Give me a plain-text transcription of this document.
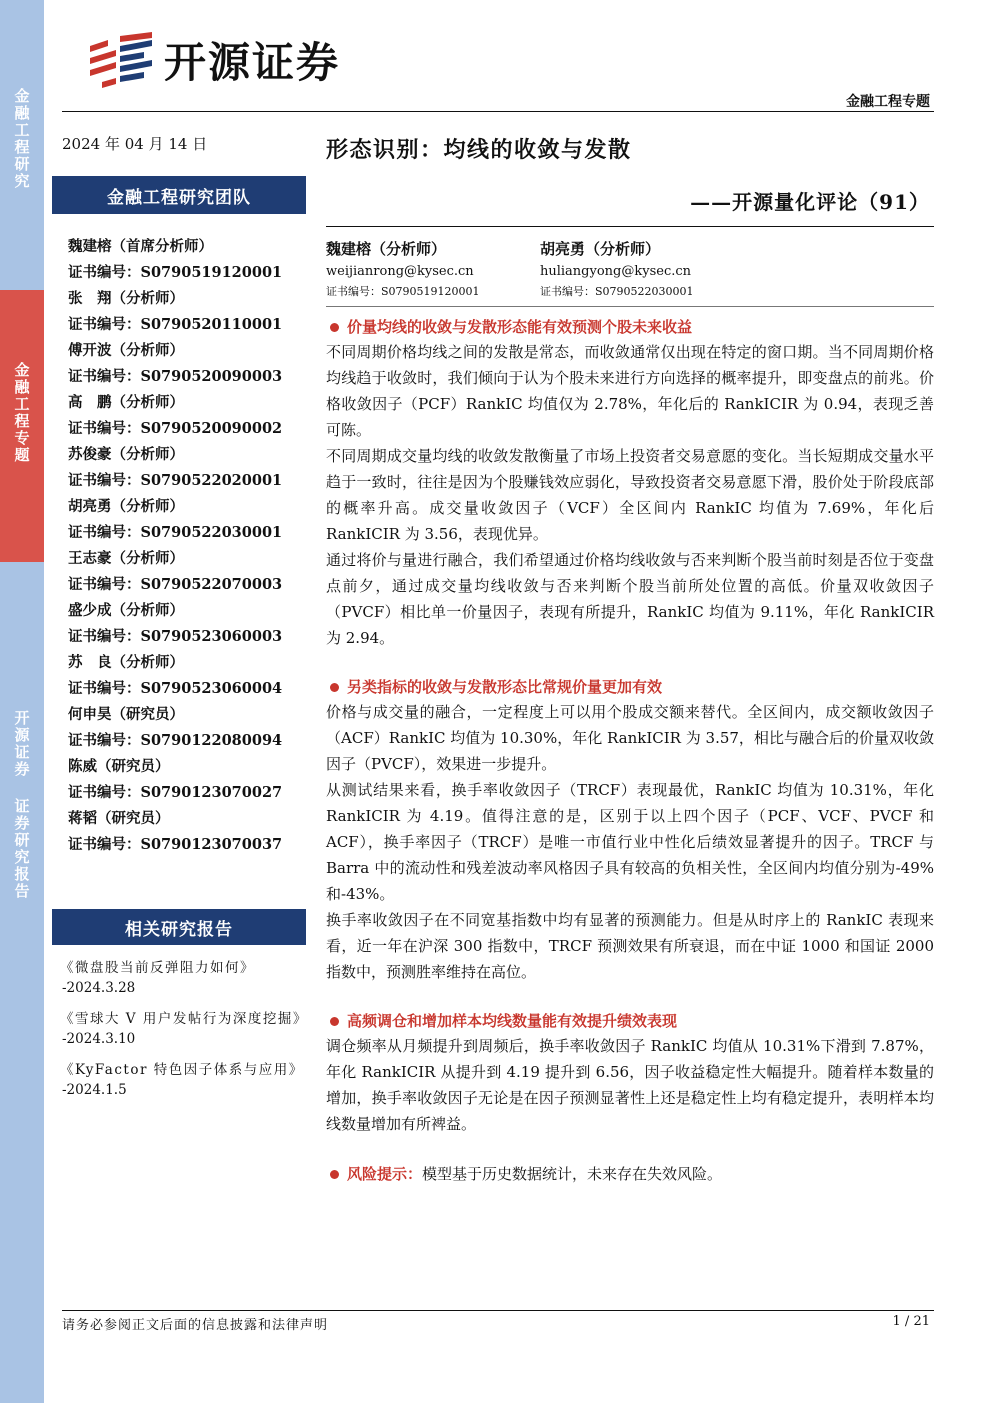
金融工程研究
金融工程专题
开源证券 证券研究报告
开源证券
金融工程专题
2024 年 04 月 14 日
金融工程研究团队
魏建榕（首席分析师）
证书编号：S0790519120001
张　翔（分析师）
证书编号：S0790520110001
傅开波（分析师）
证书编号：S0790520090003
高　鹏（分析师）
证书编号：S0790520090002
苏俊豪（分析师）
证书编号：S0790522020001
胡亮勇（分析师）
证书编号：S0790522030001
王志豪（分析师）
证书编号：S0790522070003
盛少成（分析师）
证书编号：S0790523060003
苏　良（分析师）
证书编号：S0790523060004
何申昊（研究员）
证书编号：S0790122080094
陈威（研究员）
证书编号：S0790123070027
蒋韬（研究员）
证书编号：S0790123070037
相关研究报告
《微盘股当前反弹阻力如何》
-2024.3.28
《雪球大 V 用户发帖行为深度挖掘》
-2024.3.10
《KyFactor 特色因子体系与应用》
-2024.1.5
形态识别：均线的收敛与发散
——开源量化评论（91）
魏建榕（分析师）
weijianrong@kysec.cn
证书编号：S0790519120001
胡亮勇（分析师）
huliangyong@kysec.cn
证书编号：S0790522030001
价量均线的收敛与发散形态能有效预测个股未来收益
不同周期价格均线之间的发散是常态，而收敛通常仅出现在特定的窗口期。当不同周期价格均线趋于收敛时，我们倾向于认为个股未来进行方向选择的概率提升，即变盘点的前兆。价格收敛因子（PCF）RankIC 均值仅为 2.78%，年化后的 RankICIR 为 0.94，表现乏善可陈。
不同周期成交量均线的收敛发散衡量了市场上投资者交易意愿的变化。当长短期成交量水平趋于一致时，往往是因为个股赚钱效应弱化，导致投资者交易意愿下滑，股价处于阶段底部的概率升高。成交量收敛因子（VCF）全区间内 RankIC 均值为 7.69%，年化后 RankICIR 为 3.56，表现优异。
通过将价与量进行融合，我们希望通过价格均线收敛与否来判断个股当前时刻是否位于变盘点前夕，通过成交量均线收敛与否来判断个股当前所处位置的高低。价量双收敛因子（PVCF）相比单一价量因子，表现有所提升，RankIC 均值为 9.11%，年化 RankICIR 为 2.94。
另类指标的收敛与发散形态比常规价量更加有效
价格与成交量的融合，一定程度上可以用个股成交额来替代。全区间内，成交额收敛因子（ACF）RankIC 均值为 10.30%，年化 RankICIR 为 3.57，相比与融合后的价量双收敛因子（PVCF），效果进一步提升。
从测试结果来看，换手率收敛因子（TRCF）表现最优，RankIC 均值为 10.31%，年化 RankICIR 为 4.19。值得注意的是，区别于以上四个因子（PCF、VCF、PVCF 和 ACF），换手率因子（TRCF）是唯一市值行业中性化后绩效显著提升的因子。TRCF 与 Barra 中的流动性和残差波动率风格因子具有较高的负相关性，全区间内均值分别为-49%和-43%。
换手率收敛因子在不同宽基指数中均有显著的预测能力。但是从时序上的 RankIC 表现来看，近一年在沪深 300 指数中，TRCF 预测效果有所衰退，而在中证 1000 和国证 2000 指数中，预测胜率维持在高位。
高频调仓和增加样本均线数量能有效提升绩效表现
调仓频率从月频提升到周频后，换手率收敛因子 RankIC 均值从 10.31%下滑到 7.87%，年化 RankICIR 从提升到 4.19 提升到 6.56，因子收益稳定性大幅提升。随着样本数量的增加，换手率收敛因子无论是在因子预测显著性上还是稳定性上均有稳定提升，表明样本均线数量增加有所裨益。
风险提示： 模型基于历史数据统计，未来存在失效风险。
请务必参阅正文后面的信息披露和法律声明	1 / 21
